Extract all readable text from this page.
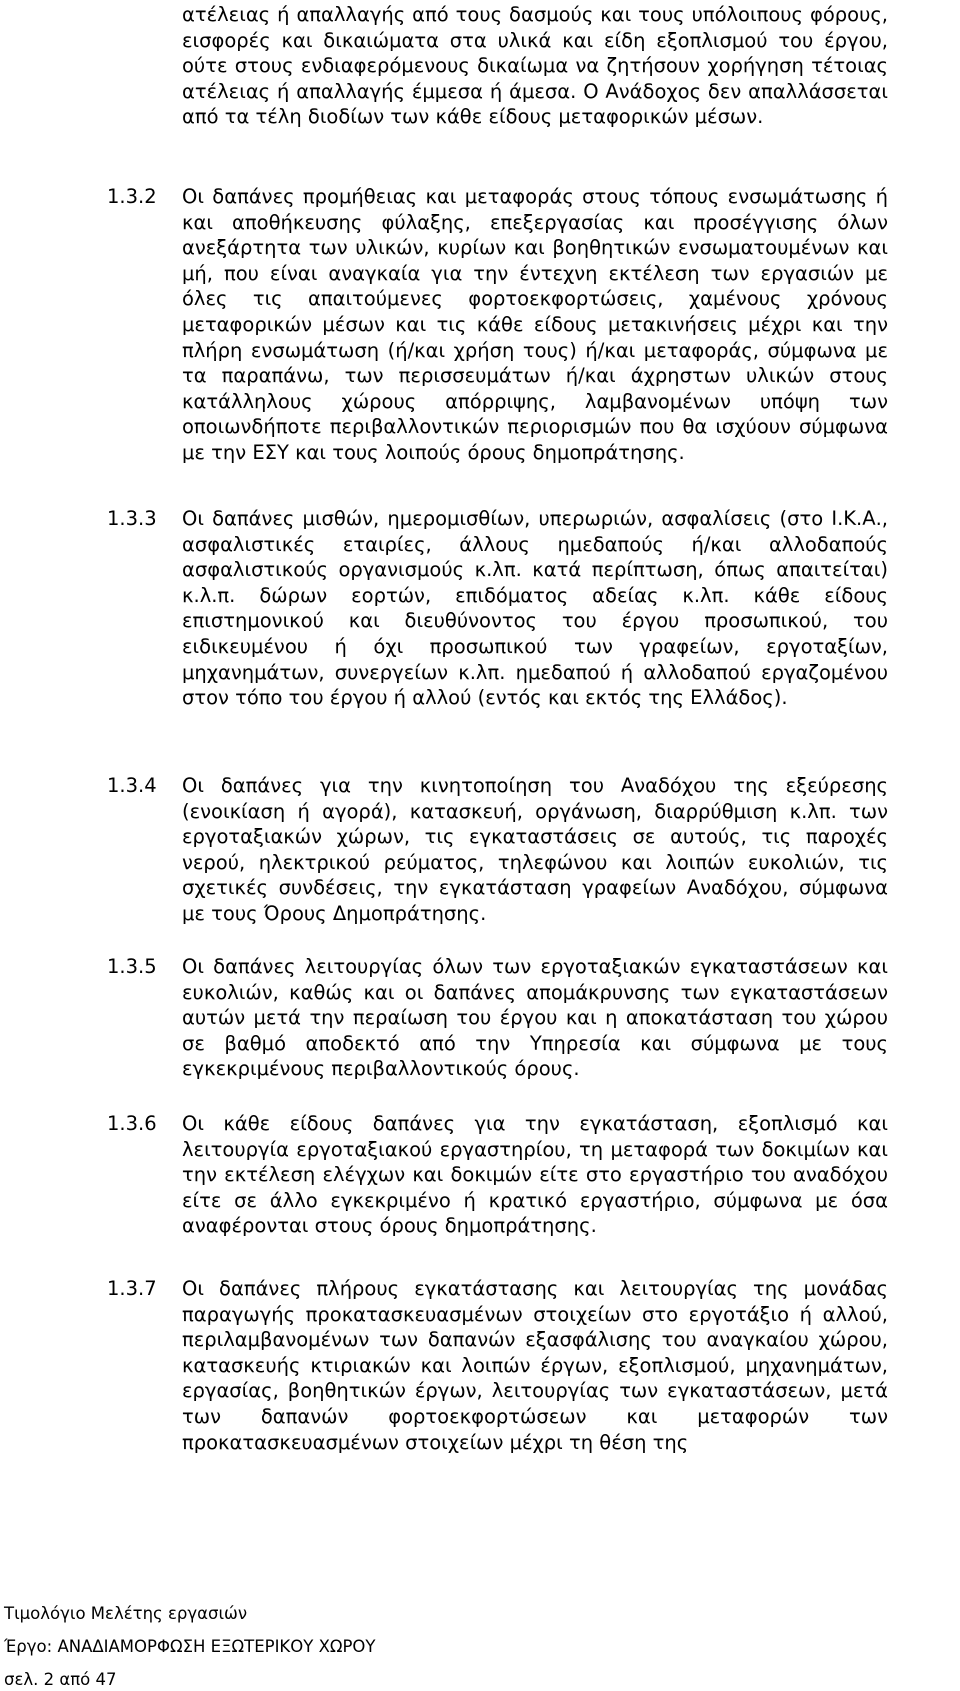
ατέλειας ή απαλλαγής από τους δασμούς και τους υπόλοιπους φόρους, εισφορές και δικαιώματα στα υλικά και είδη εξοπλισμού του έργου, ούτε στους ενδιαφερόμενους δικαίωμα να ζητήσουν χορήγηση τέτοιας ατέλειας ή απαλλαγής έμμεσα ή άμεσα. Ο Ανάδοχος δεν απαλλάσσεται από τα τέλη διοδίων των κάθε είδους μεταφορικών μέσων.

1.3.2 Οι δαπάνες προμήθειας και μεταφοράς στους τόπους ενσωμάτωσης ή και αποθήκευσης φύλαξης, επεξεργασίας και προσέγγισης όλων ανεξάρτητα των υλικών, κυρίων και βοηθητικών ενσωματουμένων και μή, που είναι αναγκαία για την έντεχνη εκτέλεση των εργασιών με όλες τις απαιτούμενες φορτοεκφορτώσεις, χαμένους χρόνους μεταφορικών μέσων και τις κάθε είδους μετακινήσεις μέχρι και την πλήρη ενσωμάτωση (ή/και χρήση τους) ή/και μεταφοράς, σύμφωνα με τα παραπάνω, των περισσευμάτων ή/και άχρηστων υλικών στους κατάλληλους χώρους απόρριψης, λαμβανομένων υπόψη των οποιωνδήποτε περιβαλλοντικών περιορισμών που θα ισχύουν σύμφωνα με την ΕΣΥ και τους λοιπούς όρους δημοπράτησης.

1.3.3 Οι δαπάνες μισθών, ημερομισθίων, υπερωριών, ασφαλίσεις (στο Ι.Κ.Α., ασφαλιστικές εταιρίες, άλλους ημεδαπούς ή/και αλλοδαπούς ασφαλιστικούς οργανισμούς κ.λπ. κατά περίπτωση, όπως απαιτείται) κ.λ.π. δώρων εορτών, επιδόματος αδείας κ.λπ. κάθε είδους επιστημονικού και διευθύνοντος του έργου προσωπικού, του ειδικευμένου ή όχι προσωπικού των γραφείων, εργοταξίων, μηχανημάτων, συνεργείων κ.λπ. ημεδαπού ή αλλοδαπού εργαζομένου στον τόπο του έργου ή αλλού (εντός και εκτός της Ελλάδος).

1.3.4 Οι δαπάνες για την κινητοποίηση του Αναδόχου της εξεύρεσης (ενοικίαση ή αγορά), κατασκευή, οργάνωση, διαρρύθμιση κ.λπ. των εργοταξιακών χώρων, τις εγκαταστάσεις σε αυτούς, τις παροχές νερού, ηλεκτρικού ρεύματος, τηλεφώνου και λοιπών ευκολιών, τις σχετικές συνδέσεις, την εγκατάσταση γραφείων Αναδόχου, σύμφωνα με τους Όρους Δημοπράτησης.

1.3.5 Οι δαπάνες λειτουργίας όλων των εργοταξιακών εγκαταστάσεων και ευκολιών, καθώς και οι δαπάνες απομάκρυνσης των εγκαταστάσεων αυτών μετά την περαίωση του έργου και η αποκατάσταση του χώρου σε βαθμό αποδεκτό από την Υπηρεσία και σύμφωνα με τους εγκεκριμένους περιβαλλοντικούς όρους.

1.3.6 Οι κάθε είδους δαπάνες για την εγκατάσταση, εξοπλισμό και λειτουργία εργοταξιακού εργαστηρίου, τη μεταφορά των δοκιμίων και την εκτέλεση ελέγχων και δοκιμών είτε στο εργαστήριο του αναδόχου είτε σε άλλο εγκεκριμένο ή κρατικό εργαστήριο, σύμφωνα με όσα αναφέρονται στους όρους δημοπράτησης.

1.3.7 Οι δαπάνες πλήρους εγκατάστασης και λειτουργίας της μονάδας παραγωγής προκατασκευασμένων στοιχείων στο εργοτάξιο ή αλλού, περιλαμβανομένων των δαπανών εξασφάλισης του αναγκαίου χώρου, κατασκευής κτιριακών και λοιπών έργων, εξοπλισμού, μηχανημάτων, εργασίας, βοηθητικών έργων, λειτουργίας των εγκαταστάσεων, μετά των δαπανών φορτοεκφορτώσεων και μεταφορών των προκατασκευασμένων στοιχείων μέχρι τη θέση της

Τιμολόγιο Μελέτης εργασιών

Έργο: ΑΝΑΔΙΑΜΟΡΦΩΣΗ ΕΞΩΤΕΡΙΚΟΥ ΧΩΡΟΥ

σελ. 2 από 47
